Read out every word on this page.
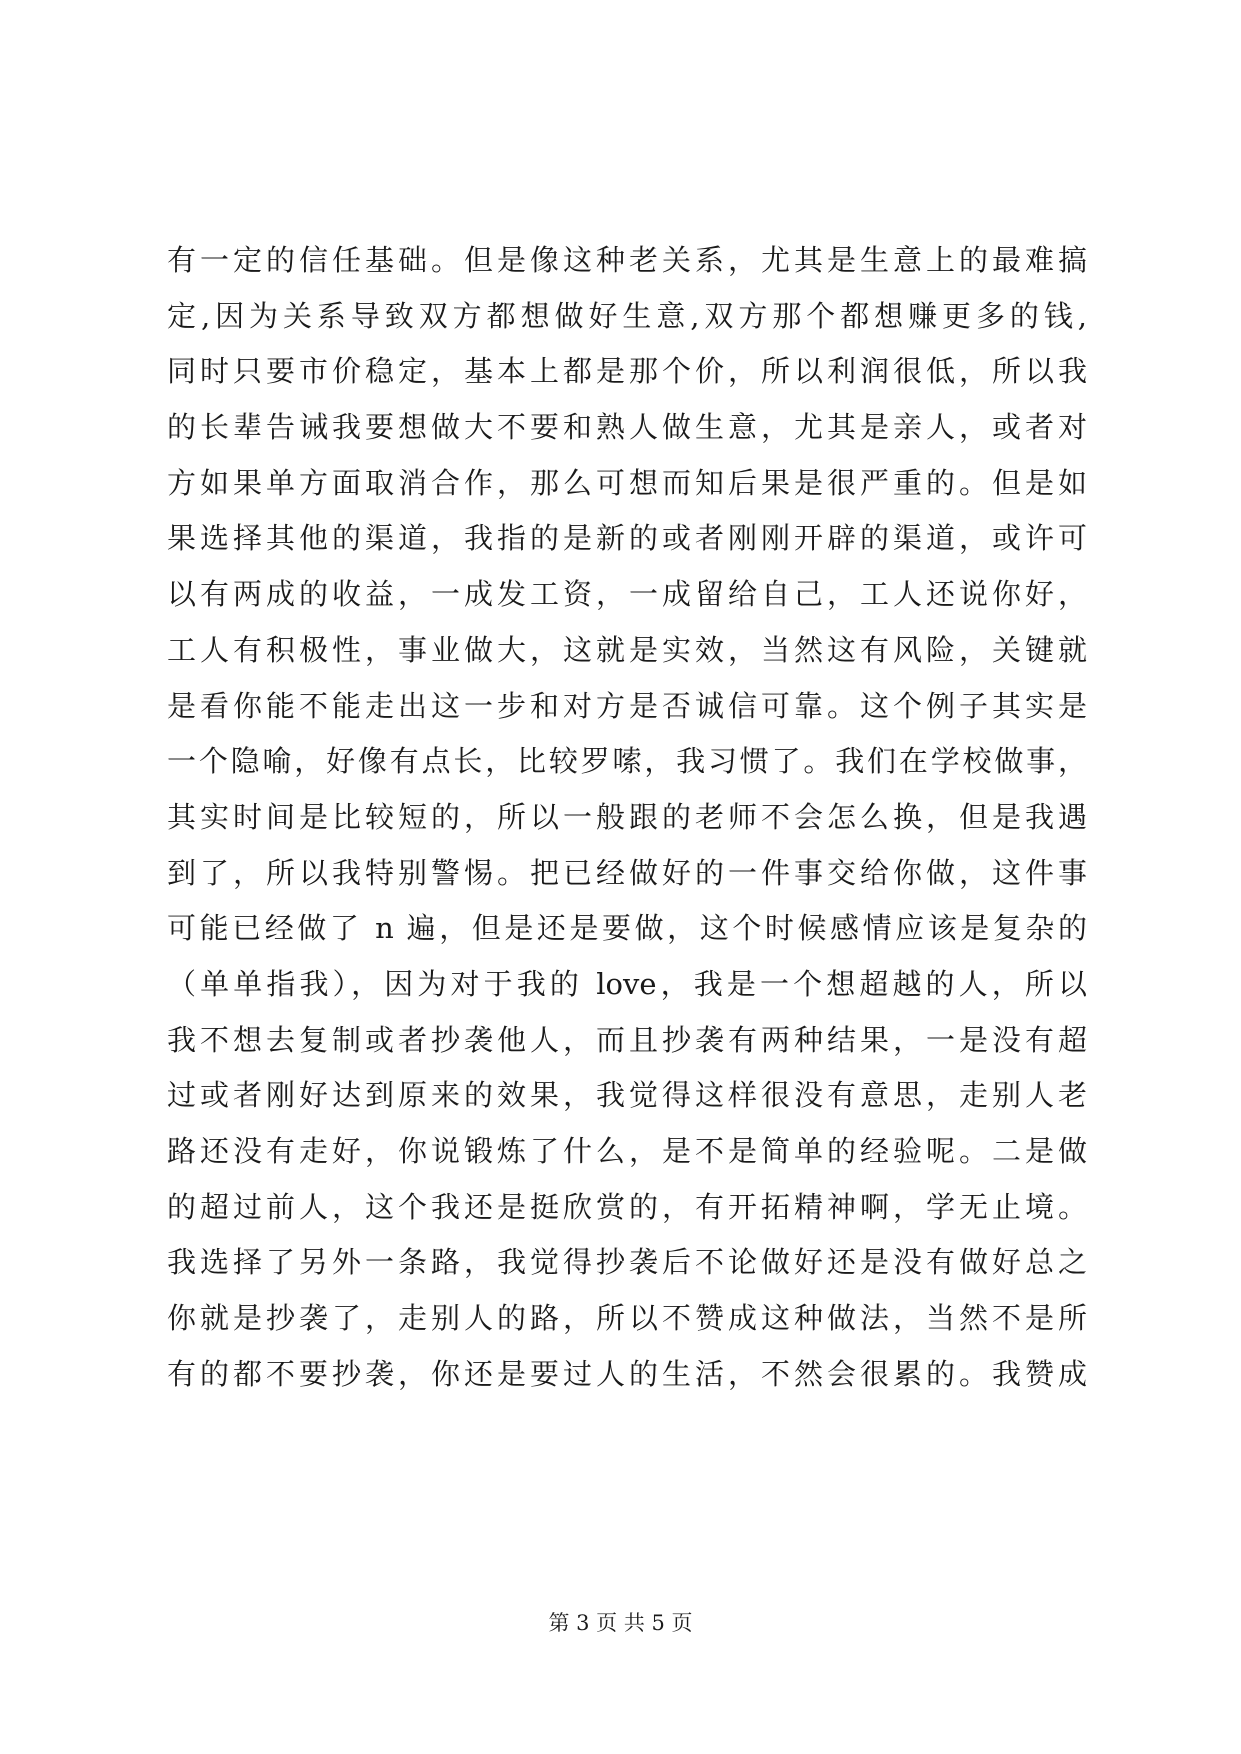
有一定的信任基础。但是像这种老关系，尤其是生意上的最难搞
定,因为关系导致双方都想做好生意,双方那个都想赚更多的钱,
同时只要市价稳定，基本上都是那个价，所以利润很低，所以我
的长辈告诫我要想做大不要和熟人做生意，尤其是亲人，或者对
方如果单方面取消合作，那么可想而知后果是很严重的。但是如
果选择其他的渠道，我指的是新的或者刚刚开辟的渠道，或许可
以有两成的收益，一成发工资，一成留给自己，工人还说你好，
工人有积极性，事业做大，这就是实效，当然这有风险，关键就
是看你能不能走出这一步和对方是否诚信可靠。这个例子其实是
一个隐喻，好像有点长，比较罗嗦，我习惯了。我们在学校做事，
其实时间是比较短的，所以一般跟的老师不会怎么换，但是我遇
到了，所以我特别警惕。把已经做好的一件事交给你做，这件事
可能已经做了 n 遍，但是还是要做，这个时候感情应该是复杂的
（单单指我），因为对于我的 love，我是一个想超越的人，所以
我不想去复制或者抄袭他人，而且抄袭有两种结果，一是没有超
过或者刚好达到原来的效果，我觉得这样很没有意思，走别人老
路还没有走好，你说锻炼了什么，是不是简单的经验呢。二是做
的超过前人，这个我还是挺欣赏的，有开拓精神啊，学无止境。
我选择了另外一条路，我觉得抄袭后不论做好还是没有做好总之
你就是抄袭了，走别人的路，所以不赞成这种做法，当然不是所
有的都不要抄袭，你还是要过人的生活，不然会很累的。我赞成
第 3 页 共 5 页
